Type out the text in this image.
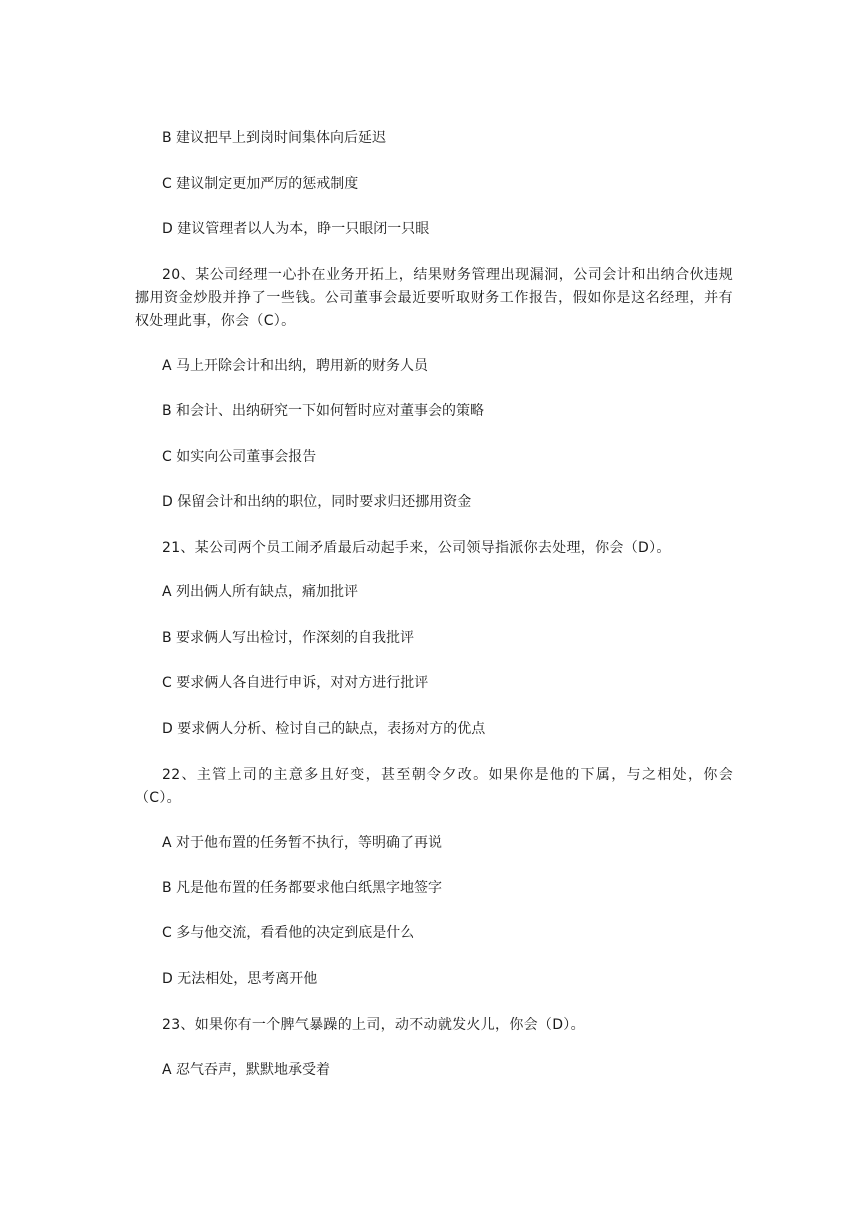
B 建议把早上到岗时间集体向后延迟

C 建议制定更加严厉的惩戒制度

D 建议管理者以人为本，睁一只眼闭一只眼

20、某公司经理一心扑在业务开拓上，结果财务管理出现漏洞，公司会计和出纳合伙违规挪用资金炒股并挣了一些钱。公司董事会最近要听取财务工作报告，假如你是这名经理，并有权处理此事，你会（C）。

A 马上开除会计和出纳，聘用新的财务人员

B 和会计、出纳研究一下如何暂时应对董事会的策略

C 如实向公司董事会报告

D 保留会计和出纳的职位，同时要求归还挪用资金

21、某公司两个员工闹矛盾最后动起手来，公司领导指派你去处理，你会（D）。

A 列出俩人所有缺点，痛加批评

B 要求俩人写出检讨，作深刻的自我批评

C 要求俩人各自进行申诉，对对方进行批评

D 要求俩人分析、检讨自己的缺点，表扬对方的优点

22、主管上司的主意多且好变，甚至朝令夕改。如果你是他的下属，与之相处，你会（C）。

A 对于他布置的任务暂不执行，等明确了再说

B 凡是他布置的任务都要求他白纸黑字地签字

C 多与他交流，看看他的决定到底是什么

D 无法相处，思考离开他

23、如果你有一个脾气暴躁的上司，动不动就发火儿，你会（D）。

A 忍气吞声，默默地承受着
